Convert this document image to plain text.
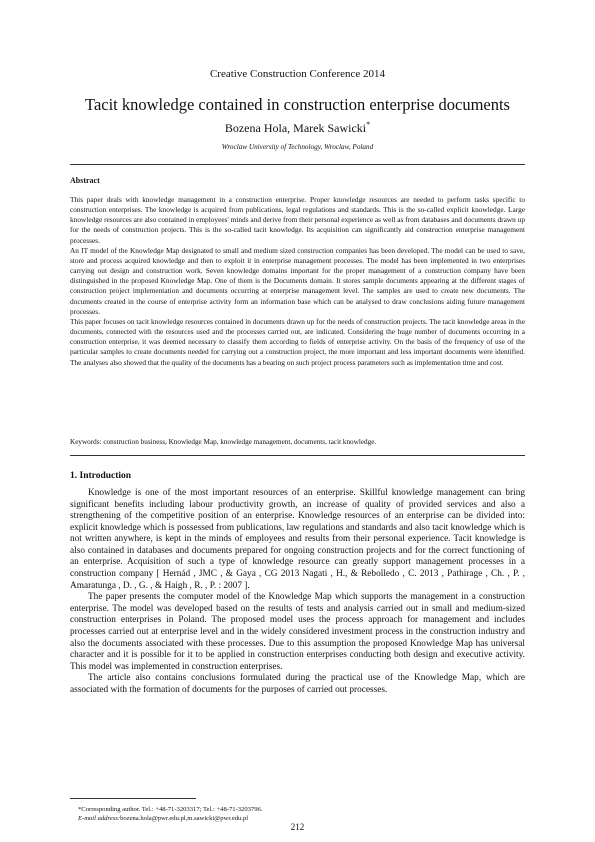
Creative Construction Conference 2014
Tacit knowledge contained in construction enterprise documents
Bozena Hola, Marek Sawicki*
Wroclaw University of Technology, Wroclaw, Poland
Abstract

This paper deals with knowledge management in a construction enterprise. Proper knowledge resources are needed to perform tasks specific to construction enterprises. The knowledge is acquired from publications, legal regulations and standards. This is the so-called explicit knowledge. Large knowledge resources are also contained in employees' minds and derive from their personal experience as well as from databases and documents drawn up for the needs of construction projects. This is the so-called tacit knowledge. Its acquisition can significantly aid construction enterprise management processes.

An IT model of the Knowledge Map designated to small and medium sized construction companies has been developed. The model can be used to save, store and process acquired knowledge and then to exploit it in enterprise management processes. The model has been implemented in two enterprises carrying out design and construction work. Seven knowledge domains important for the proper management of a construction company have been distinguished in the proposed Knowledge Map. One of them is the Documents domain. It stores sample documents appearing at the different stages of construction project implementation and documents occurring at enterprise management level. The samples are used to create new documents. The documents created in the course of enterprise activity form an information base which can be analysed to draw conclusions aiding future management processes.

This paper focuses on tacit knowledge resources contained in documents drawn up for the needs of construction projects. The tacit knowledge areas in the documents, connected with the resources used and the processes carried out, are indicated. Considering the huge number of documents occurring in a construction enterprise, it was deemed necessary to classify them according to fields of enterprise activity. On the basis of the frequency of use of the particular samples to create documents needed for carrying out a construction project, the more important and less important documents were identified. The analyses also showed that the quality of the documents has a bearing on such project process parameters such as implementation time and cost.

Keywords: construction business, Knowledge Map, knowledge management, documents, tacit knowledge.
1. Introduction

Knowledge is one of the most important resources of an enterprise. Skillful knowledge management can bring significant benefits including labour productivity growth, an increase of quality of provided services and also a strengthening of the competitive position of an enterprise. Knowledge resources of an enterprise can be divided into: explicit knowledge which is possessed from publications, law regulations and standards and also tacit knowledge which is not written anywhere, is kept in the minds of employees and results from their personal experience. Tacit knowledge is also contained in databases and documents prepared for ongoing construction projects and for the correct functioning of an enterprise. Acquisition of such a type of knowledge resource can greatly support management processes in a construction company [ Hernád , JMC , & Gaya , CG 2013 Nagati , H., & Rebolledo , C. 2013 , Pathirage , Ch. , P. , Amaratunga , D. , G. , & Haigh , R. , P. : 2007 ].

The paper presents the computer model of the Knowledge Map which supports the management in a construction enterprise. The model was developed based on the results of tests and analysis carried out in small and medium-sized construction enterprises in Poland. The proposed model uses the process approach for management and includes processes carried out at enterprise level and in the widely considered investment process in the construction industry and also the documents associated with these processes. Due to this assumption the proposed Knowledge Map has universal character and it is possible for it to be applied in construction enterprises conducting both design and executive activity. This model was implemented in construction enterprises.

The article also contains conclusions formulated during the practical use of the Knowledge Map, which are associated with the formation of documents for the purposes of carried out processes.

*Corresponding author. Tel.: +48-71-3203317; Tel.: +48-71-3203796.
E-mail address:bozena.hola@pwr.edu.pl,m.sawicki@pwr.edu.pl
212
